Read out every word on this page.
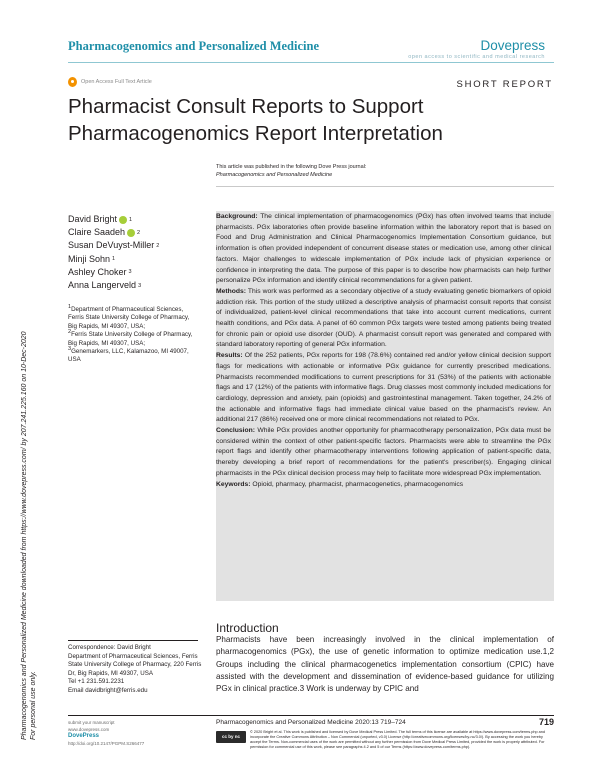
Pharmacogenomics and Personalized Medicine	Dovepress
open access to scientific and medical research
Open Access Full Text Article	SHORT REPORT
Pharmacist Consult Reports to Support
Pharmacogenomics Report Interpretation
This article was published in the following Dove Press journal:
Pharmacogenomics and Personalized Medicine
Pharmacogenomics and Personalized Medicine downloaded from https://www.dovepress.com/ by 207.241.225.160 on 10-Dec-2020 For personal use only.
David Bright 1
Claire Saadeh 2
Susan DeVuyst-Miller 2
Minji Sohn 1
Ashley Choker 3
Anna Langerveld 3

$^1$Department of Pharmaceutical Sciences, Ferris State University College of Pharmacy, Big Rapids, MI 49307, USA;

$^2$Ferris State University College of Pharmacy, Big Rapids, MI 49307, USA;

$^3$Genemarkers, LLC, Kalamazoo, MI 49007, USA

Background: The clinical implementation of pharmacogenomics (PGx) has often involved teams that include pharmacists. PGx laboratories often provide baseline information within the laboratory report that is based on Food and Drug Administration and Clinical Pharmacogenomics Implementation Consortium guidance, but information is often provided independent of concurrent disease states or medication use, among other clinical factors. Major challenges to widescale implementation of PGx include lack of physician experience or confidence in interpreting the data. The purpose of this paper is to describe how pharmacists can help further personalize PGx information and identify clinical recommendations for a given patient.

Methods: This work was performed as a secondary objective of a study evaluating genetic biomarkers of opioid addiction risk. This portion of the study utilized a descriptive analysis of pharmacist consult reports that consist of individualized, patient-level clinical recommendations that take into account current medications, current health conditions, and PGx data. A panel of 60 common PGx targets were tested among patients being treated for chronic pain or opioid use disorder (OUD). A pharmacist consult report was generated and compared with standard laboratory reporting of general PGx information.

Results: Of the 252 patients, PGx reports for 198 (78.6%) contained red and/or yellow clinical decision support flags for medications with actionable or informative PGx guidance for currently prescribed medications. Pharmacists recommended modifications to current prescriptions for 31 (53%) of the patients with actionable flags and 17 (12%) of the patients with informative flags. Drug classes most commonly included medications for cardiology, depression and anxiety, pain (opioids) and gastrointestinal management. Taken together, 24.2% of the actionable and informative flags had immediate clinical value based on the pharmacist's review. An additional 217 (86%) received one or more clinical recommendations not related to PGx.

Conclusion: While PGx provides another opportunity for pharmacotherapy personalization, PGx data must be considered within the context of other patient-specific factors. Pharmacists were able to streamline the PGx report flags and identify other pharmacotherapy interventions following application of patient-specific data, thereby developing a brief report of recommendations for the patient's prescriber(s). Engaging clinical pharmacists in the PGx clinical decision process may help to facilitate more widespread PGx implementation.

Keywords: Opioid, pharmacy, pharmacist, pharmacogenetics, pharmacogenomics

Correspondence: David Bright
Department of Pharmaceutical Sciences, Ferris State University College of Pharmacy, 220 Ferris Dr, Big Rapids, MI 49307, USA
Tel +1 231.591.2231
Email davidbright@ferris.edu
Introduction
Pharmacists have been increasingly involved in the clinical implementation of pharmacogenomics (PGx), the use of genetic information to optimize medication use.1,2 Groups including the clinical pharmacogenetics implementation consortium (CPIC) have assisted with the development and dissemination of evidence-based guidance for utilizing PGx in clinical practice.3 Work is underway by CPIC and
submit your manuscript
www.dovepress.com
DovePress
http://doi.org/10.2147/PGPM.S266477
Pharmacogenomics and Personalized Medicine 2020:13 719–724	719
cc by nc
© 2020 Bright et al. This work is published and licensed by Dove Medical Press Limited. The full terms of this license are available at https://www.dovepress.com/terms.php and incorporate the Creative Commons Attribution – Non Commercial (unported, v3.0) License (http://creativecommons.org/licenses/by-nc/3.0/). By accessing the work you hereby accept the Terms. Non-commercial uses of the work are permitted without any further permission from Dove Medical Press Limited, provided the work is properly attributed. For permission for commercial use of this work, please see paragraphs 4.2 and 5 of our Terms (https://www.dovepress.com/terms.php).
